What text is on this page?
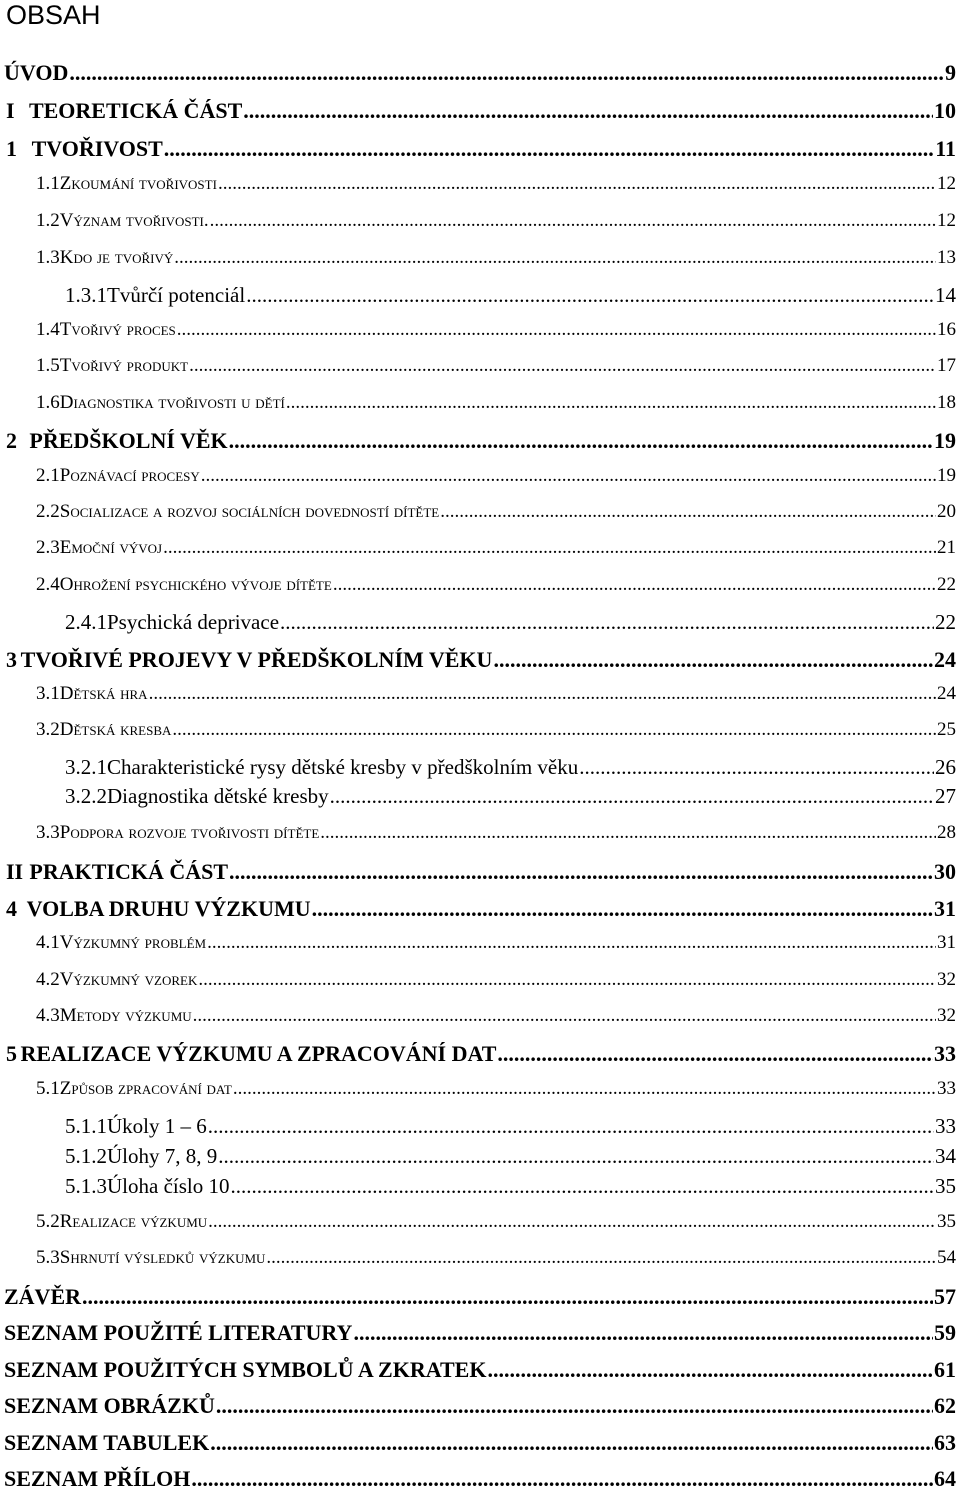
OBSAH
ÚVOD .....	9
I TEORETICKÁ ČÁST .....	10
1 TVOŘIVOST .....	11
1.1 Zkoumání tvořivosti .....	12
1.2 Význam tvořivosti. .....	12
1.3 Kdo je tvořivý .....	13
1.3.1 Tvůrčí potenciál .....	14
1.4 Tvořivý proces .....	16
1.5 Tvořivý produkt .....	17
1.6 Diagnostika tvořivosti u dětí .....	18
2 PŘEDŠKOLNÍ VĚK .....	19
2.1 Poznávací procesy .....	19
2.2 Socializace a rozvoj sociálních dovedností dítěte .....	20
2.3 Emoční vývoj .....	21
2.4 Ohrožení psychického vývoje dítěte .....	22
2.4.1 Psychická deprivace .....	22
3 TVOŘIVÉ PROJEVY V PŘEDŠKOLNÍM VĚKU .....	24
3.1 Dětská hra .....	24
3.2 Dětská kresba .....	25
3.2.1 Charakteristické rysy dětské kresby v předškolním věku .....	26
3.2.2 Diagnostika dětské kresby .....	27
3.3 Podpora rozvoje tvořivosti dítěte .....	28
II PRAKTICKÁ ČÁST .....	30
4 VOLBA DRUHU VÝZKUMU .....	31
4.1 Výzkumný problém .....	31
4.2 Výzkumný vzorek .....	32
4.3 Metody výzkumu .....	32
5 REALIZACE VÝZKUMU A ZPRACOVÁNÍ DAT .....	33
5.1 Způsob zpracování dat .....	33
5.1.1 Úkoly 1 – 6 .....	33
5.1.2 Úlohy 7, 8, 9 .....	34
5.1.3 Úloha číslo 10 .....	35
5.2 Realizace výzkumu .....	35
5.3 Shrnutí výsledků výzkumu .....	54
ZÁVĚR .....	57
SEZNAM POUŽITÉ LITERATURY .....	59
SEZNAM POUŽITÝCH SYMBOLŮ A ZKRATEK .....	61
SEZNAM OBRÁZKŮ .....	62
SEZNAM TABULEK .....	63
SEZNAM PŘÍLOH .....	64
